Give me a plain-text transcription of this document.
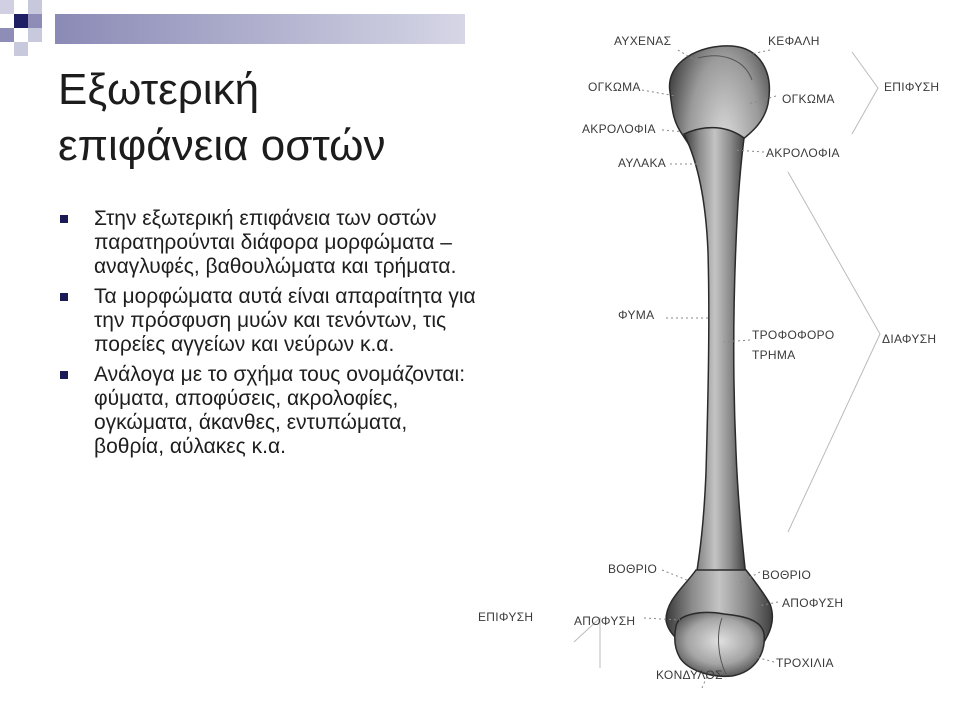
Εξωτερική
επιφάνεια οστών
Στην εξωτερική επιφάνεια των οστών παρατηρούνται διάφορα μορφώματα – αναγλυφές, βαθουλώματα και τρήματα.
Τα μορφώματα αυτά είναι απαραίτητα για την πρόσφυση μυών και τενόντων, τις πορείες αγγείων και νεύρων κ.α.
Ανάλογα με το σχήμα τους ονομάζονται: φύματα, αποφύσεις, ακρολοφίες, ογκώματα, άκανθες, εντυπώματα, βοθρία, αύλακες κ.α.
ΑΥΧΕΝΑΣ	ΚΕΦΑΛΗ
ΟΓΚΩΜΑ
ΟΓΚΩΜΑ
ΕΠΙΦΥΣΗ
ΑΚΡΟΛΟΦΙΑ
ΑΥΛΑΚΑ
ΑΚΡΟΛΟΦΙΑ
ΦΥΜΑ
ΤΡΟΦΟΦΟΡΟ
ΤΡΗΜΑ
ΔΙΑΦΥΣΗ
ΒΟΘΡΙΟ	ΒΟΘΡΙΟ
ΕΠΙΦΥΣΗ	ΑΠΟΦΥΣΗ
ΑΠΟΦΥΣΗ
ΤΡΟΧΙΛΙΑ
ΚΟΝΔΥΛΟΣ
